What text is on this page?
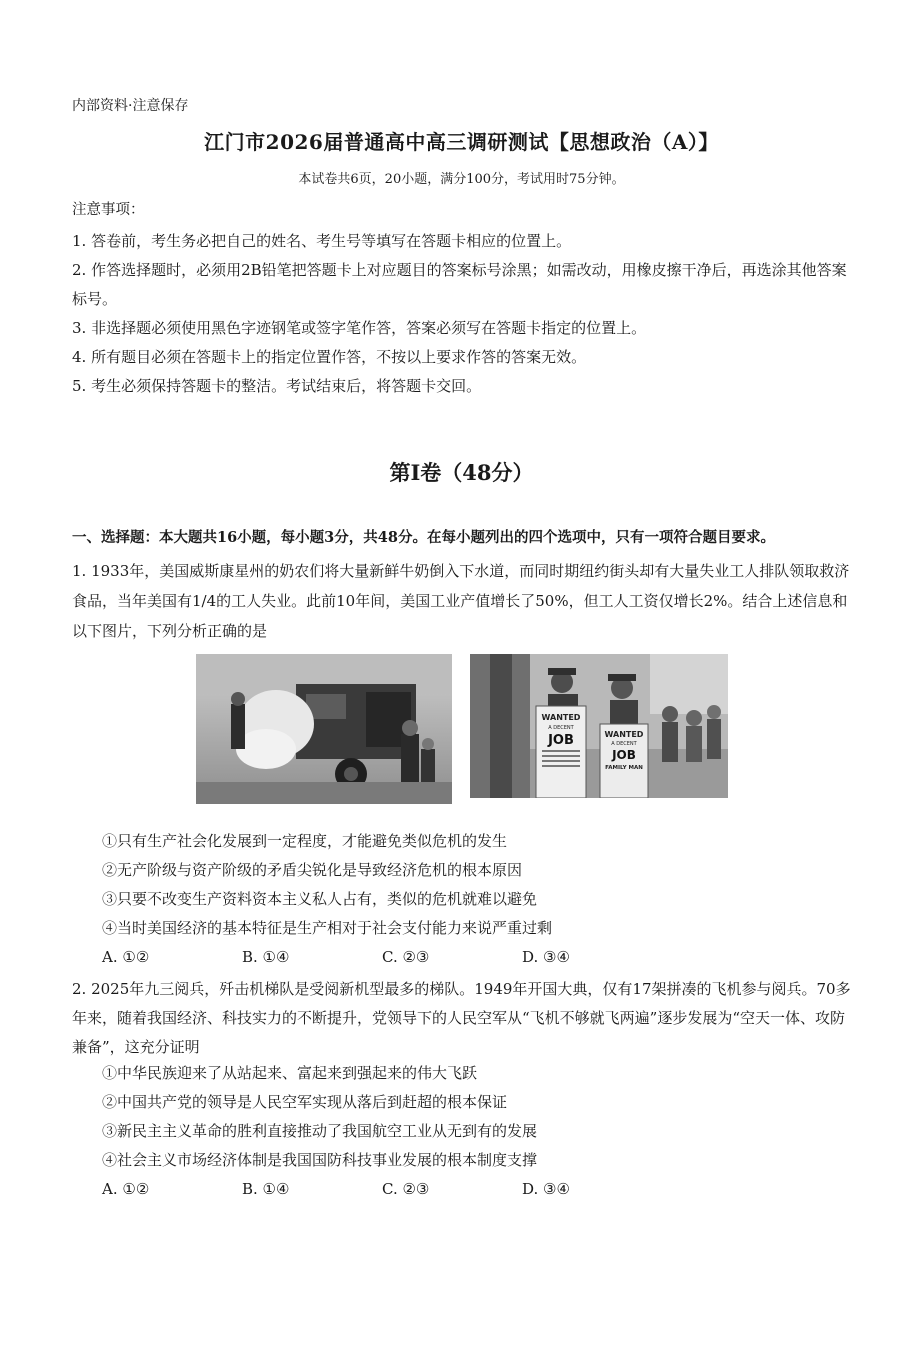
内部资料·注意保存
江门市2026届普通高中高三调研测试【思想政治（A）】
本试卷共6页，20小题，满分100分，考试用时75分钟。
注意事项：
1. 答卷前，考生务必把自己的姓名、考生号等填写在答题卡相应的位置上。
2. 作答选择题时，必须用2B铅笔把答题卡上对应题目的答案标号涂黑；如需改动，用橡皮擦干净后，再选涂其他答案标号。
3. 非选择题必须使用黑色字迹钢笔或签字笔作答，答案必须写在答题卡指定的位置上。
4. 所有题目必须在答题卡上的指定位置作答，不按以上要求作答的答案无效。
5. 考生必须保持答题卡的整洁。考试结束后，将答题卡交回。
第Ⅰ卷（48分）
一、选择题：本大题共16小题，每小题3分，共48分。在每小题列出的四个选项中，只有一项符合题目要求。
1. 1933年，美国威斯康星州的奶农们将大量新鲜牛奶倒入下水道，而同时期纽约街头却有大量失业工人排队领取救济食品，当年美国有1/4的工人失业。此前10年间，美国工业产值增长了50%，但工人工资仅增长2%。结合上述信息和以下图片，下列分析正确的是
WANTED
A DECENT
JOB	WANTED
A DECENT
JOB
FAMILY MAN
①只有生产社会化发展到一定程度，才能避免类似危机的发生
②无产阶级与资产阶级的矛盾尖锐化是导致经济危机的根本原因
③只要不改变生产资料资本主义私人占有，类似的危机就难以避免
④当时美国经济的基本特征是生产相对于社会支付能力来说严重过剩
A. ①②	B. ①④	C. ②③	D. ③④
2. 2025年九三阅兵，歼击机梯队是受阅新机型最多的梯队。1949年开国大典，仅有17架拼凑的飞机参与阅兵。70多年来，随着我国经济、科技实力的不断提升，党领导下的人民空军从“飞机不够就飞两遍”逐步发展为“空天一体、攻防兼备”，这充分证明
①中华民族迎来了从站起来、富起来到强起来的伟大飞跃
②中国共产党的领导是人民空军实现从落后到赶超的根本保证
③新民主主义革命的胜利直接推动了我国航空工业从无到有的发展
④社会主义市场经济体制是我国国防科技事业发展的根本制度支撑
A. ①②	B. ①④	C. ②③	D. ③④
